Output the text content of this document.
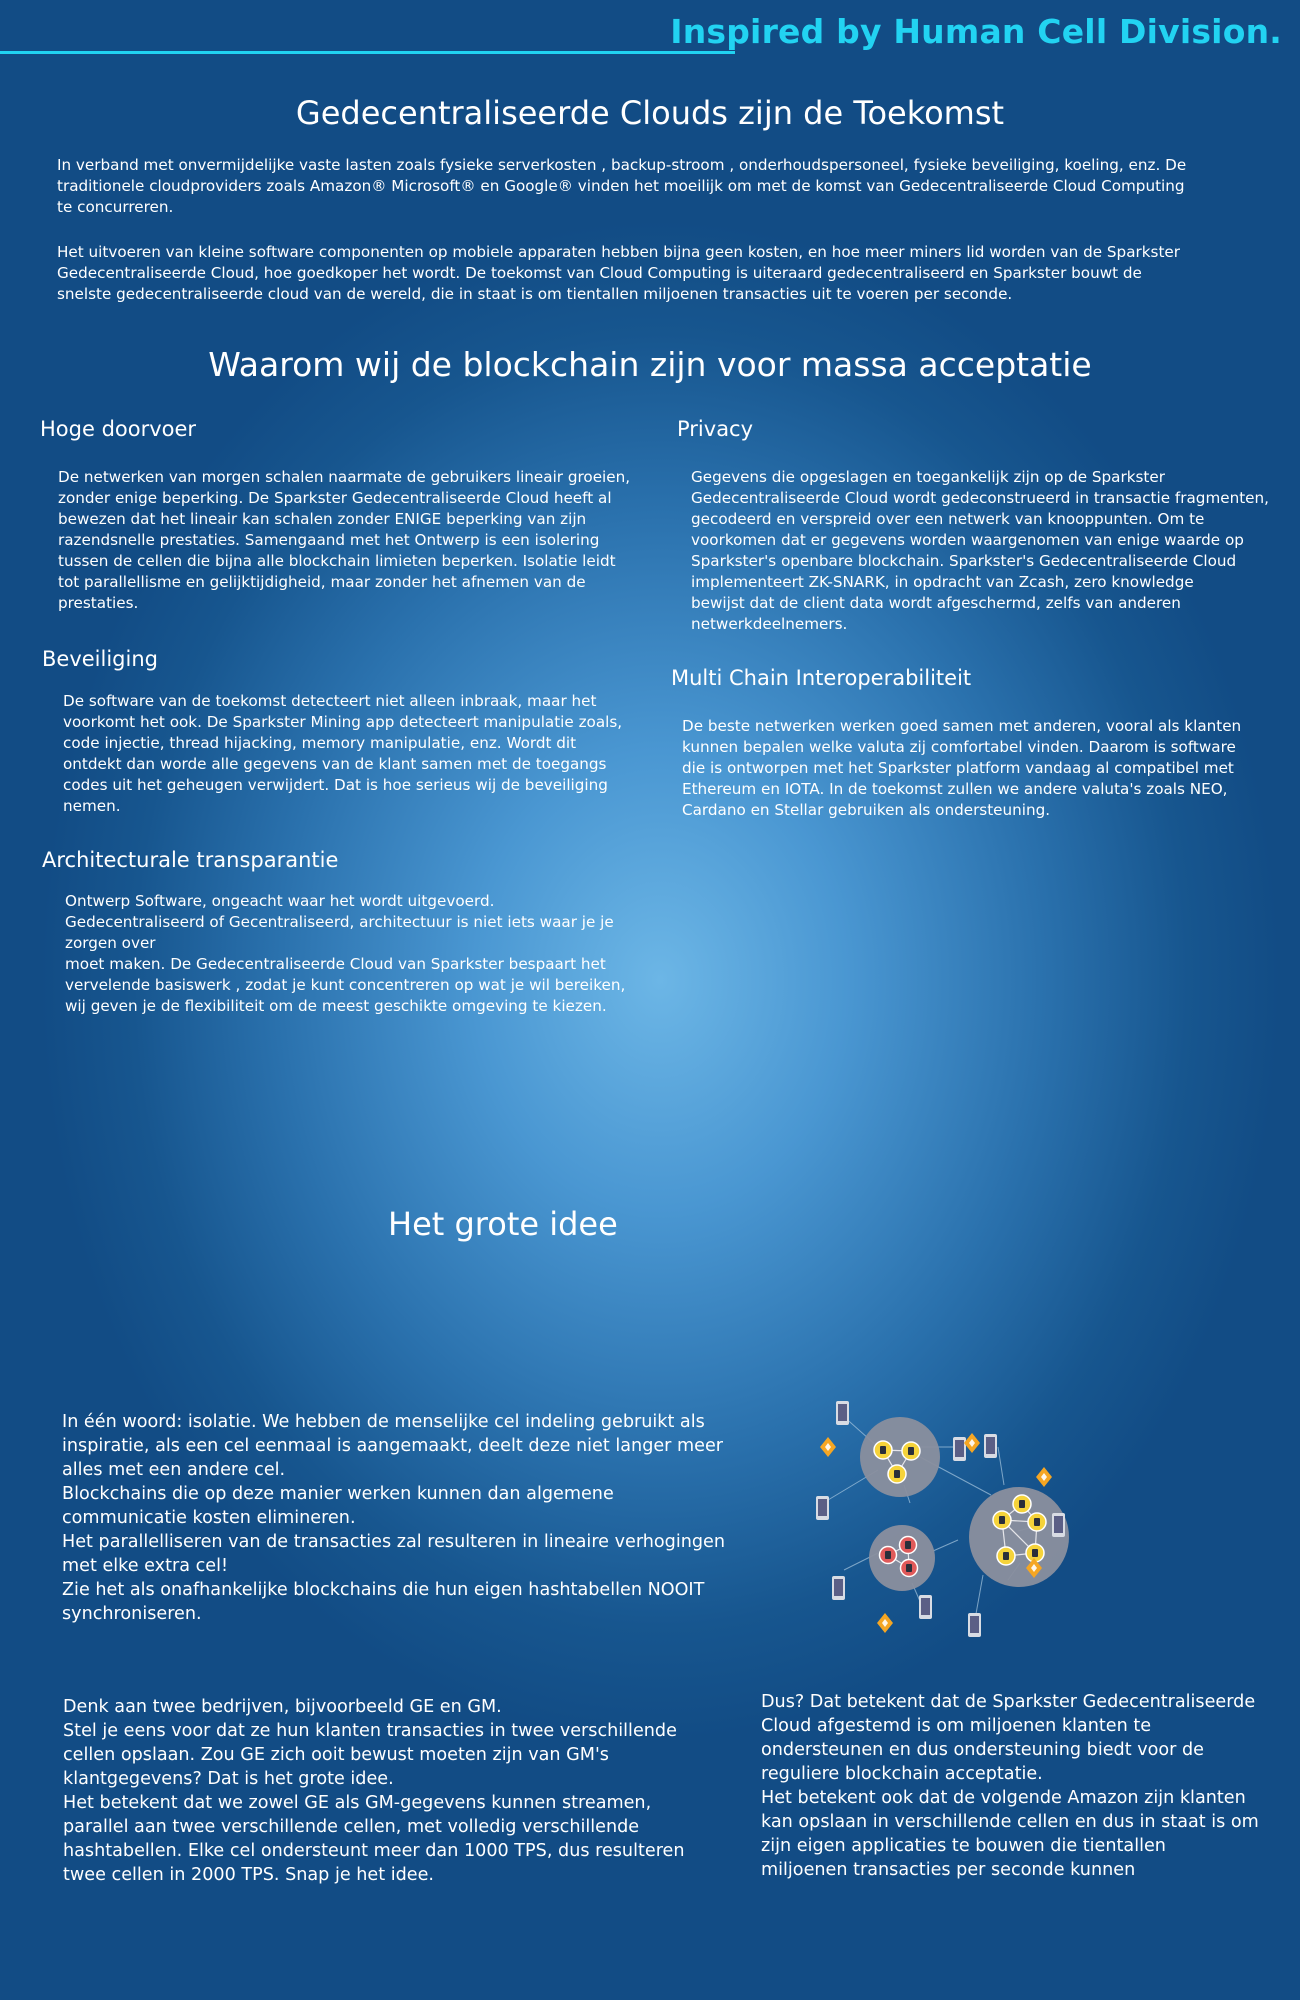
Inspired by Human Cell Division.
Gedecentraliseerde Clouds zijn de Toekomst
In verband met onvermijdelijke vaste lasten zoals fysieke serverkosten , backup-stroom , onderhoudspersoneel, fysieke beveiliging, koeling, enz. De
traditionele cloudproviders zoals Amazon® Microsoft® en Google® vinden het moeilijk om met de komst van Gedecentraliseerde Cloud Computing
te concurreren.
Het uitvoeren van kleine software componenten op mobiele apparaten hebben bijna geen kosten, en hoe meer miners lid worden van de Sparkster
Gedecentraliseerde Cloud, hoe goedkoper het wordt. De toekomst van Cloud Computing is uiteraard gedecentraliseerd en Sparkster bouwt de
snelste gedecentraliseerde cloud van de wereld, die in staat is om tientallen miljoenen transacties uit te voeren per seconde.
Waarom wij de blockchain zijn voor massa acceptatie
Hoge doorvoer
De netwerken van morgen schalen naarmate de gebruikers lineair groeien,
zonder enige beperking. De Sparkster Gedecentraliseerde Cloud heeft al
bewezen dat het lineair kan schalen zonder ENIGE beperking van zijn
razendsnelle prestaties. Samengaand met het Ontwerp is een isolering
tussen de cellen die bijna alle blockchain limieten beperken. Isolatie leidt
tot parallellisme en gelijktijdigheid, maar zonder het afnemen van de
prestaties.
Privacy
Gegevens die opgeslagen en toegankelijk zijn op de Sparkster
Gedecentraliseerde Cloud wordt gedeconstrueerd in transactie fragmenten,
gecodeerd en verspreid over een netwerk van knooppunten. Om te
voorkomen dat er gegevens worden waargenomen van enige waarde op
Sparkster's openbare blockchain. Sparkster's Gedecentraliseerde Cloud
implementeert ZK-SNARK, in opdracht van Zcash, zero knowledge
bewijst dat de client data wordt afgeschermd, zelfs van anderen
netwerkdeelnemers.
Beveiliging
De software van de toekomst detecteert niet alleen inbraak, maar het
voorkomt het ook. De Sparkster Mining app detecteert manipulatie zoals,
code injectie, thread hijacking, memory manipulatie, enz. Wordt dit
ontdekt dan worde alle gegevens van de klant samen met de toegangs
codes uit het geheugen verwijdert. Dat is hoe serieus wij de beveiliging
nemen.
Multi Chain Interoperabiliteit
De beste netwerken werken goed samen met anderen, vooral als klanten
kunnen bepalen welke valuta zij comfortabel vinden. Daarom is software
die is ontworpen met het Sparkster platform vandaag al compatibel met
Ethereum en IOTA. In de toekomst zullen we andere valuta's zoals NEO,
Cardano en Stellar gebruiken als ondersteuning.
Architecturale transparantie
Ontwerp Software, ongeacht waar het wordt uitgevoerd.
Gedecentraliseerd of Gecentraliseerd, architectuur is niet iets waar je je
zorgen over
moet maken. De Gedecentraliseerde Cloud van Sparkster bespaart het
vervelende basiswerk , zodat je kunt concentreren op wat je wil bereiken,
wij geven je de flexibiliteit om de meest geschikte omgeving te kiezen.
Het grote idee
In één woord: isolatie. We hebben de menselijke cel indeling gebruikt als
inspiratie, als een cel eenmaal is aangemaakt, deelt deze niet langer meer
alles met een andere cel.
Blockchains die op deze manier werken kunnen dan algemene
communicatie kosten elimineren.
Het parallelliseren van de transacties zal resulteren in lineaire verhogingen
met elke extra cel!
Zie het als onafhankelijke blockchains die hun eigen hashtabellen NOOIT
synchroniseren.
Denk aan twee bedrijven, bijvoorbeeld GE en GM.
Stel je eens voor dat ze hun klanten transacties in twee verschillende
cellen opslaan. Zou GE zich ooit bewust moeten zijn van GM's
klantgegevens? Dat is het grote idee.
Het betekent dat we zowel GE als GM-gegevens kunnen streamen,
parallel aan twee verschillende cellen, met volledig verschillende
hashtabellen. Elke cel ondersteunt meer dan 1000 TPS, dus resulteren
twee cellen in 2000 TPS. Snap je het idee.
Dus? Dat betekent dat de Sparkster Gedecentraliseerde
Cloud afgestemd is om miljoenen klanten te
ondersteunen en dus ondersteuning biedt voor de
reguliere blockchain acceptatie.
Het betekent ook dat de volgende Amazon zijn klanten
kan opslaan in verschillende cellen en dus in staat is om
zijn eigen applicaties te bouwen die tientallen
miljoenen transacties per seconde kunnen
